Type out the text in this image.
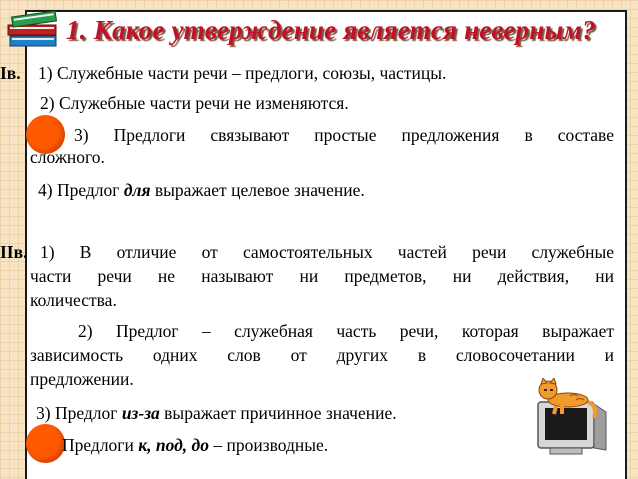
1. Какое утверждение является неверным?
Iв. 1) Служебные части речи – предлоги, союзы, частицы.
2) Служебные части речи не изменяются.
3) Предлоги связывают простые предложения в составе
сложного.
4) Предлог для выражает целевое значение.
IIв. 1) В отличие от самостоятельных частей речи служебные
части речи не называют ни предметов, ни действия, ни
количества.
2) Предлог – служебная часть речи, которая выражает
зависимость одних слов от других в словосочетании и
предложении.
3) Предлог из-за выражает причинное значение.
Предлоги к, под, до – производные.
